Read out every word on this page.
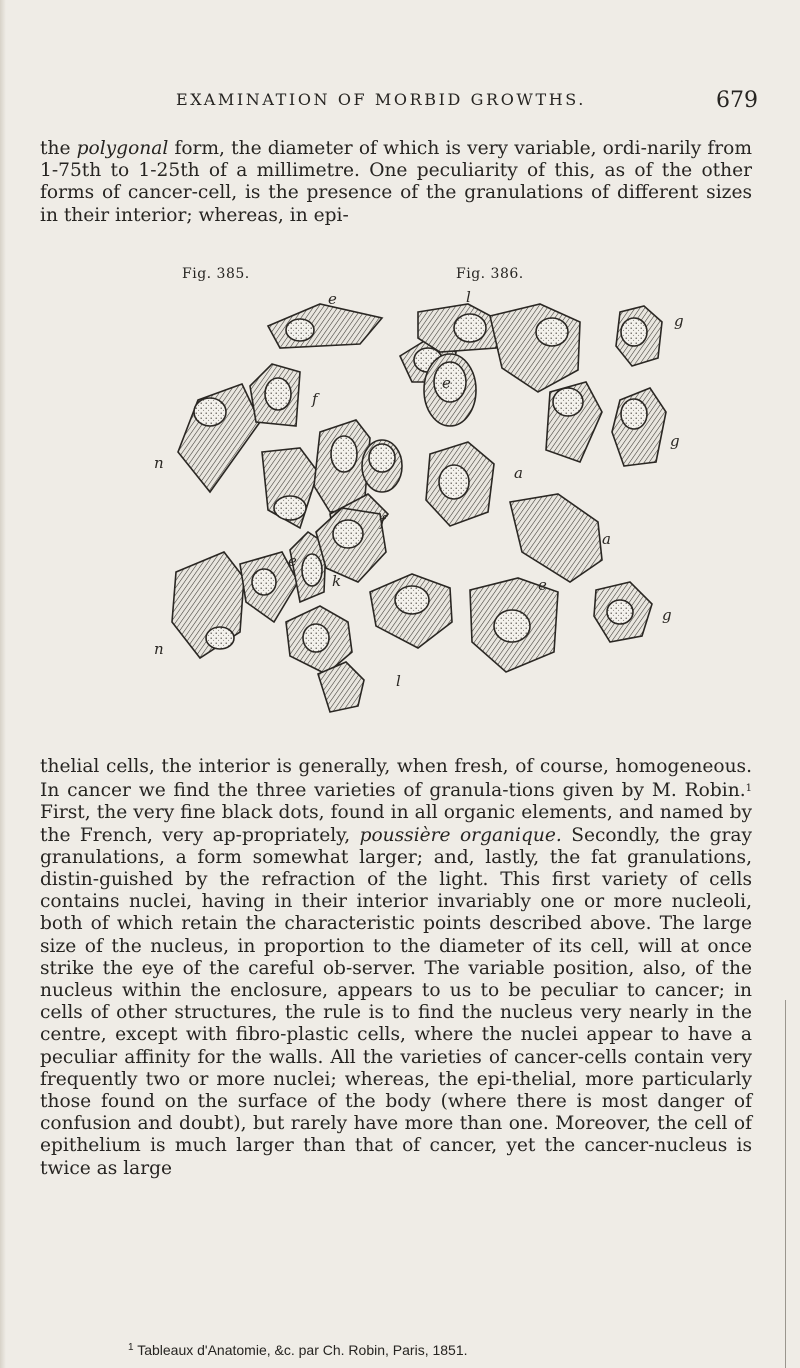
EXAMINATION OF MORBID GROWTHS.	679

the polygonal form, the diameter of which is very variable, ordi-narily from 1-75th to 1-25th of a millimetre. One peculiarity of this, as of the other forms of cancer-cell, is the presence of the granulations of different sizes in their interior; whereas, in epi-

Fig. 385.	Fig. 386.
e
n
n
f
f
e
k
l
l
e
a
e
a
g
g
g

thelial cells, the interior is generally, when fresh, of course, homogeneous. In cancer we find the three varieties of granula-tions given by M. Robin.$^1$ First, the very fine black dots, found in all organic elements, and named by the French, very ap-propriately, poussière organique. Secondly, the gray granulations, a form somewhat larger; and, lastly, the fat granulations, distin-guished by the refraction of the light. This first variety of cells contains nuclei, having in their interior invariably one or more nucleoli, both of which retain the characteristic points described above. The large size of the nucleus, in proportion to the diameter of its cell, will at once strike the eye of the careful ob-server. The variable position, also, of the nucleus within the enclosure, appears to us to be peculiar to cancer; in cells of other structures, the rule is to find the nucleus very nearly in the centre, except with fibro-plastic cells, where the nuclei appear to have a peculiar affinity for the walls. All the varieties of cancer-cells contain very frequently two or more nuclei; whereas, the epi-thelial, more particularly those found on the surface of the body (where there is most danger of confusion and doubt), but rarely have more than one. Moreover, the cell of epithelium is much larger than that of cancer, yet the cancer-nucleus is twice as large

$^1$ Tableaux d'Anatomie, &c. par Ch. Robin, Paris, 1851.
